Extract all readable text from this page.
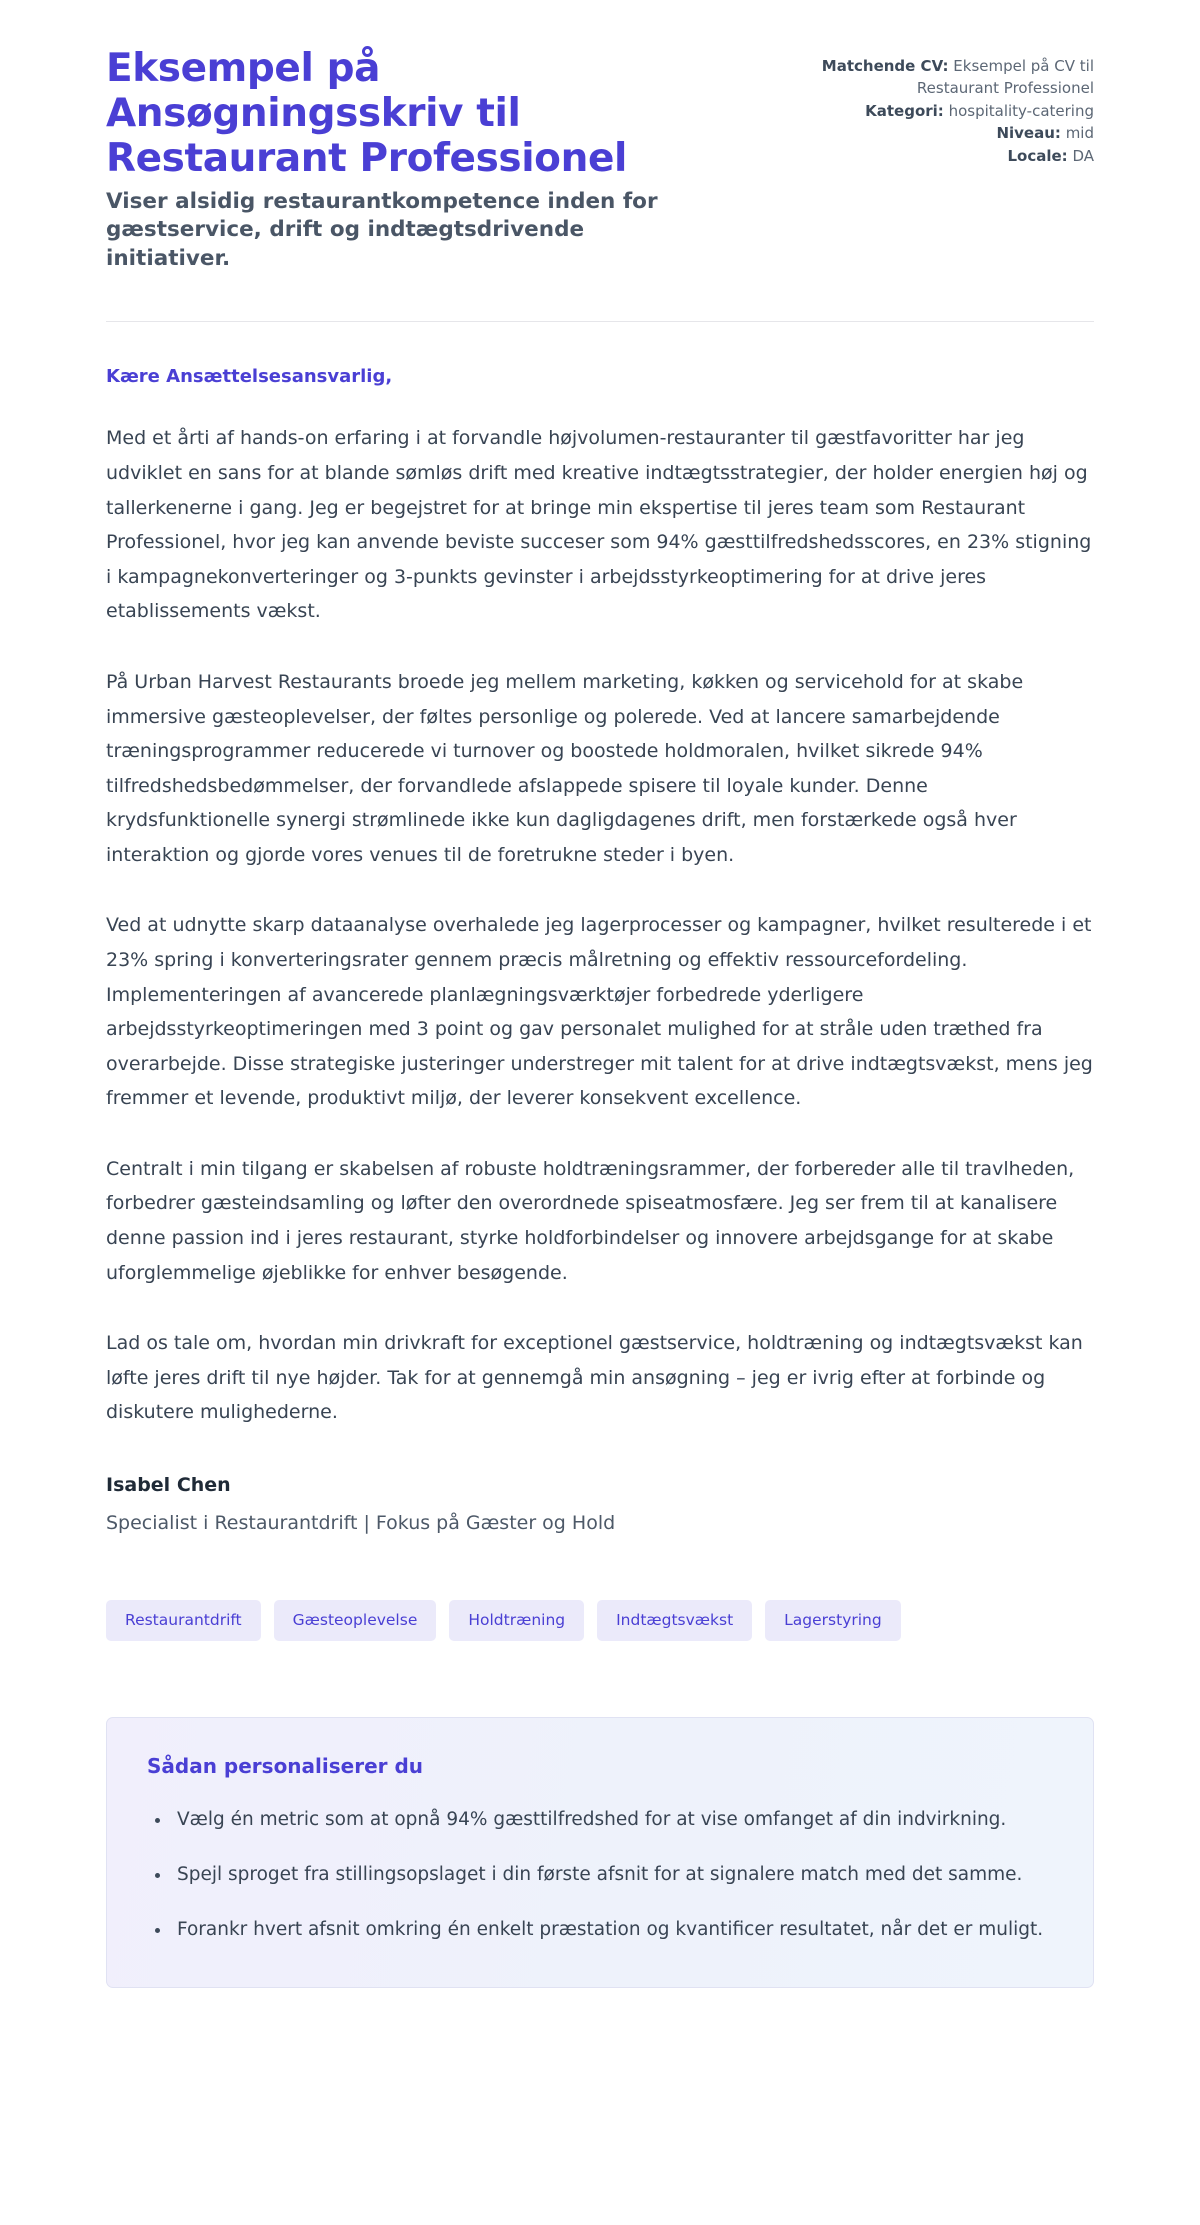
Eksempel på Ansøgningsskriv til Restaurant Professionel

Viser alsidig restaurantkompetence inden for gæstservice, drift og indtægtsdrivende initiativer.

Matchende CV: Eksempel på CV til Restaurant Professionel
Kategori: hospitality-catering
Niveau: mid
Locale: DA

Kære Ansættelsesansvarlig,

Med et årti af hands-on erfaring i at forvandle højvolumen-restauranter til gæstfavoritter har jeg udviklet en sans for at blande sømløs drift med kreative indtægtsstrategier, der holder energien høj og tallerkenerne i gang. Jeg er begejstret for at bringe min ekspertise til jeres team som Restaurant Professionel, hvor jeg kan anvende beviste succeser som 94% gæsttilfredshedsscores, en 23% stigning i kampagnekonverteringer og 3-punkts gevinster i arbejdsstyrkeoptimering for at drive jeres etablissements vækst.

På Urban Harvest Restaurants broede jeg mellem marketing, køkken og servicehold for at skabe immersive gæsteoplevelser, der føltes personlige og polerede. Ved at lancere samarbejdende træningsprogrammer reducerede vi turnover og boostede holdmoralen, hvilket sikrede 94% tilfredshedsbedømmelser, der forvandlede afslappede spisere til loyale kunder. Denne krydsfunktionelle synergi strømlinede ikke kun dagligdagenes drift, men forstærkede også hver interaktion og gjorde vores venues til de foretrukne steder i byen.

Ved at udnytte skarp dataanalyse overhalede jeg lagerprocesser og kampagner, hvilket resulterede i et 23% spring i konverteringsrater gennem præcis målretning og effektiv ressourcefordeling. Implementeringen af avancerede planlægningsværktøjer forbedrede yderligere arbejdsstyrkeoptimeringen med 3 point og gav personalet mulighed for at stråle uden træthed fra overarbejde. Disse strategiske justeringer understreger mit talent for at drive indtægtsvækst, mens jeg fremmer et levende, produktivt miljø, der leverer konsekvent excellence.

Centralt i min tilgang er skabelsen af robuste holdtræningsrammer, der forbereder alle til travlheden, forbedrer gæsteindsamling og løfter den overordnede spiseatmosfære. Jeg ser frem til at kanalisere denne passion ind i jeres restaurant, styrke holdforbindelser og innovere arbejdsgange for at skabe uforglemmelige øjeblikke for enhver besøgende.

Lad os tale om, hvordan min drivkraft for exceptionel gæstservice, holdtræning og indtægtsvækst kan løfte jeres drift til nye højder. Tak for at gennemgå min ansøgning – jeg er ivrig efter at forbinde og diskutere mulighederne.

Isabel Chen

Specialist i Restaurantdrift | Fokus på Gæster og Hold

Restaurantdrift	Gæsteoplevelse	Holdtræning	Indtægtsvækst	Lagerstyring
Sådan personaliserer du
Vælg én metric som at opnå 94% gæsttilfredshed for at vise omfanget af din indvirkning.
Spejl sproget fra stillingsopslaget i din første afsnit for at signalere match med det samme.
Forankr hvert afsnit omkring én enkelt præstation og kvantificer resultatet, når det er muligt.
